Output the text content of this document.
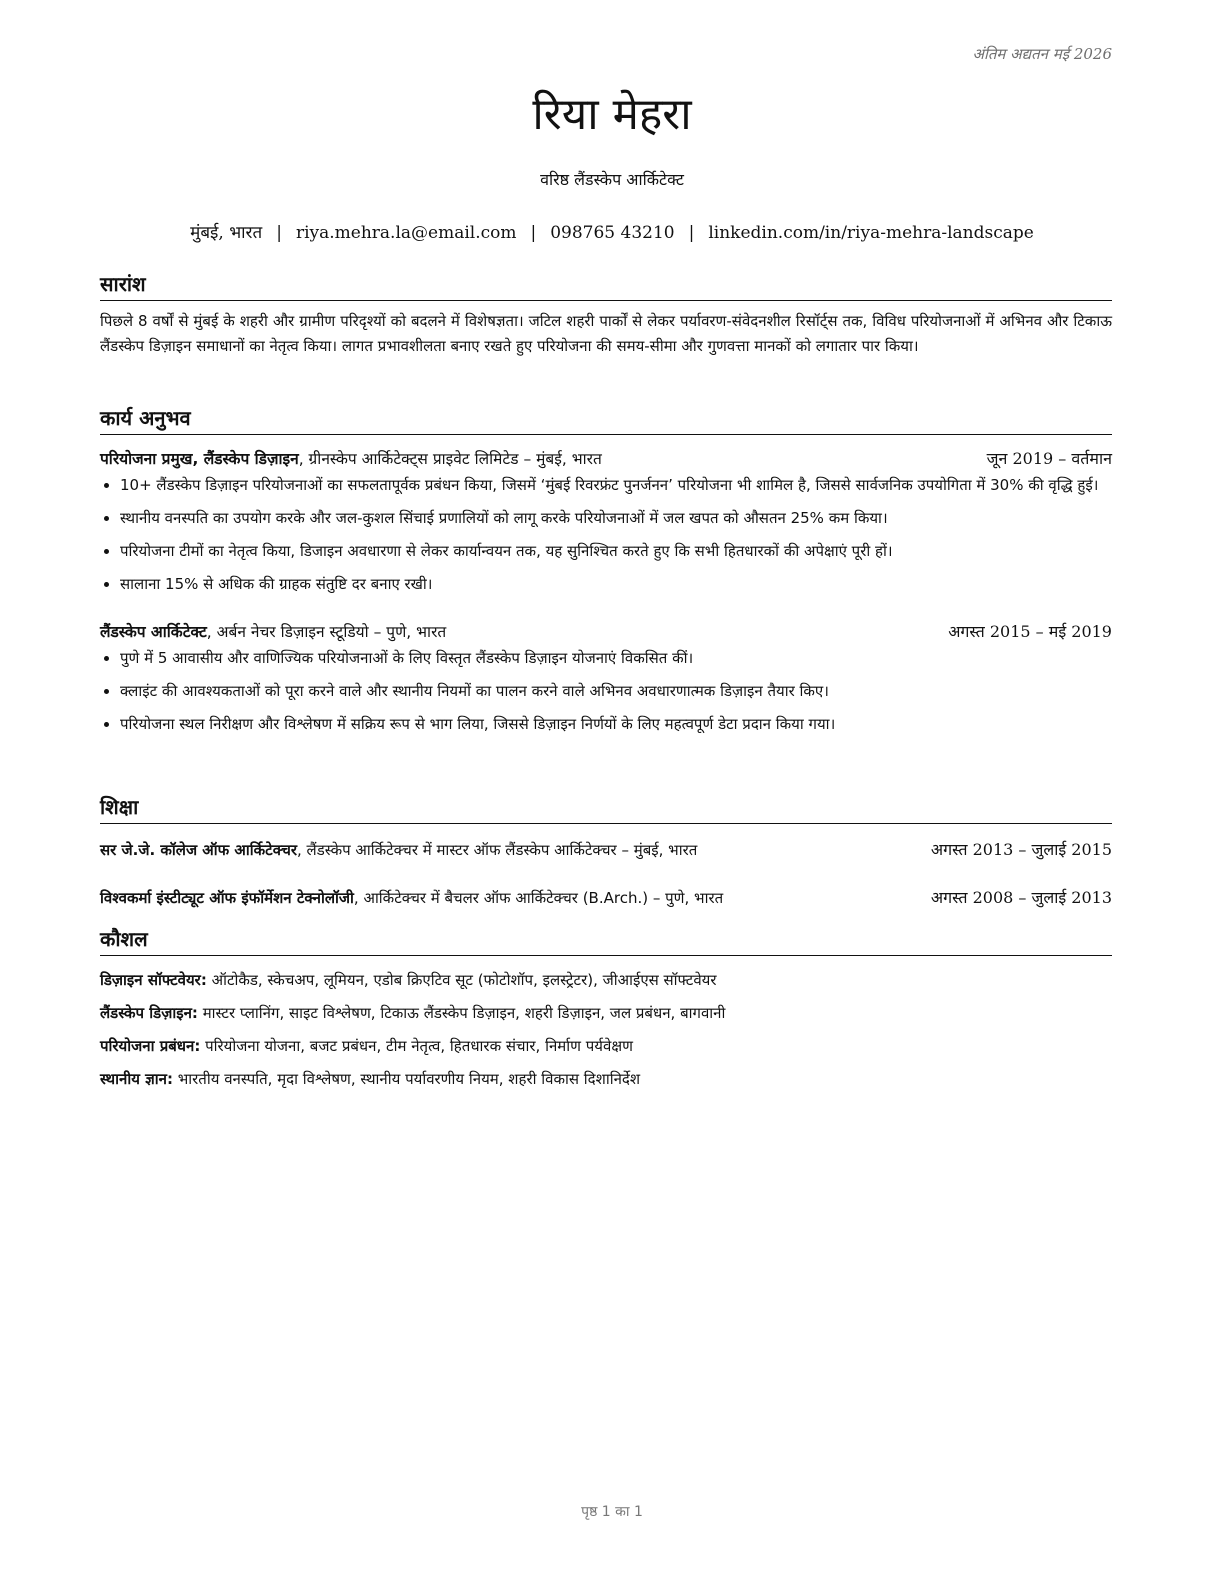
अंतिम अद्यतन मई 2026
रिया मेहरा
वरिष्ठ लैंडस्केप आर्किटेक्ट
मुंबई, भारत | riya.mehra.la@email.com | 098765 43210 | linkedin.com/in/riya-mehra-landscape
सारांश

पिछले 8 वर्षों से मुंबई के शहरी और ग्रामीण परिदृश्यों को बदलने में विशेषज्ञता। जटिल शहरी पार्कों से लेकर पर्यावरण-संवेदनशील रिसॉर्ट्स तक, विविध परियोजनाओं में अभिनव और टिकाऊ लैंडस्केप डिज़ाइन समाधानों का नेतृत्व किया। लागत प्रभावशीलता बनाए रखते हुए परियोजना की समय-सीमा और गुणवत्ता मानकों को लगातार पार किया।

कार्य अनुभव
परियोजना प्रमुख, लैंडस्केप डिज़ाइन, ग्रीनस्केप आर्किटेक्ट्स प्राइवेट लिमिटेड – मुंबई, भारत	जून 2019 – वर्तमान
• 10+ लैंडस्केप डिज़ाइन परियोजनाओं का सफलतापूर्वक प्रबंधन किया, जिसमें ‘मुंबई रिवरफ्रंट पुनर्जनन’ परियोजना भी शामिल है, जिससे सार्वजनिक उपयोगिता में 30% की वृद्धि हुई।
• स्थानीय वनस्पति का उपयोग करके और जल-कुशल सिंचाई प्रणालियों को लागू करके परियोजनाओं में जल खपत को औसतन 25% कम किया।
• परियोजना टीमों का नेतृत्व किया, डिजाइन अवधारणा से लेकर कार्यान्वयन तक, यह सुनिश्चित करते हुए कि सभी हितधारकों की अपेक्षाएं पूरी हों।
• सालाना 15% से अधिक की ग्राहक संतुष्टि दर बनाए रखी।
लैंडस्केप आर्किटेक्ट, अर्बन नेचर डिज़ाइन स्टूडियो – पुणे, भारत	अगस्त 2015 – मई 2019
• पुणे में 5 आवासीय और वाणिज्यिक परियोजनाओं के लिए विस्तृत लैंडस्केप डिज़ाइन योजनाएं विकसित कीं।
• क्लाइंट की आवश्यकताओं को पूरा करने वाले और स्थानीय नियमों का पालन करने वाले अभिनव अवधारणात्मक डिज़ाइन तैयार किए।
• परियोजना स्थल निरीक्षण और विश्लेषण में सक्रिय रूप से भाग लिया, जिससे डिज़ाइन निर्णयों के लिए महत्वपूर्ण डेटा प्रदान किया गया।
शिक्षा
सर जे.जे. कॉलेज ऑफ आर्किटेक्चर, लैंडस्केप आर्किटेक्चर में मास्टर ऑफ लैंडस्केप आर्किटेक्चर – मुंबई, भारत	अगस्त 2013 – जुलाई 2015
विश्वकर्मा इंस्टीट्यूट ऑफ इंफॉर्मेशन टेक्नोलॉजी, आर्किटेक्चर में बैचलर ऑफ आर्किटेक्चर (B.Arch.) – पुणे, भारत	अगस्त 2008 – जुलाई 2013
कौशल
डिज़ाइन सॉफ्टवेयर: ऑटोकैड, स्केचअप, लूमियन, एडोब क्रिएटिव सूट (फोटोशॉप, इलस्ट्रेटर), जीआईएस सॉफ्टवेयर
लैंडस्केप डिज़ाइन: मास्टर प्लानिंग, साइट विश्लेषण, टिकाऊ लैंडस्केप डिज़ाइन, शहरी डिज़ाइन, जल प्रबंधन, बागवानी
परियोजना प्रबंधन: परियोजना योजना, बजट प्रबंधन, टीम नेतृत्व, हितधारक संचार, निर्माण पर्यवेक्षण
स्थानीय ज्ञान: भारतीय वनस्पति, मृदा विश्लेषण, स्थानीय पर्यावरणीय नियम, शहरी विकास दिशानिर्देश
पृष्ठ 1 का 1
